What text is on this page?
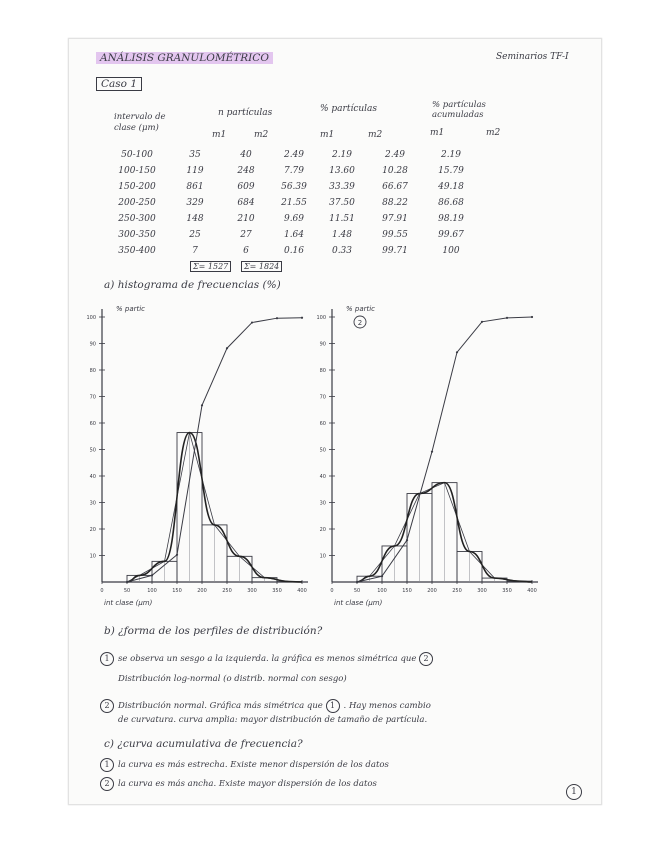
ANÁLISIS GRANULOMÉTRICO	Seminarios TF-I
Caso 1
intervalo de clase (μm)
n partículas	% partículas	% partículas acumuladas
m1	m2	m1	m2	m1	m2
50-100	35	40	2.49	2.19	2.49	2.19
100-150	119	248	7.79	13.60	10.28	15.79
150-200	861	609	56.39	33.39	66.67	49.18
200-250	329	684	21.55	37.50	88.22	86.68
250-300	148	210	9.69	11.51	97.91	98.19
300-350	25	27	1.64	1.48	99.55	99.67
350-400	7	6	0.16	0.33	99.71	100
Σ= 1527	Σ= 1824
a) histograma de frecuencias (%)
10
20
30
40
50
60
70
80
90
100
0	50	100	150	200	250	300	350	400
% partic
int clase (μm)
10
20
30
40
50
60
70
80
90
100
0	50	100	150	200	250	300	350	400
% partic
int clase (μm)
2
b) ¿forma de los perfiles de distribución?
1 se observa un sesgo a la izquierda. la gráfica es menos simétrica que 2
Distribución log-normal (o distrib. normal con sesgo)
2 Distribución normal. Gráfica más simétrica que 1 . Hay menos cambio
de curvatura. curva amplia: mayor distribución de tamaño de partícula.
c) ¿curva acumulativa de frecuencia?
1 la curva es más estrecha. Existe menor dispersión de los datos
2 la curva es más ancha. Existe mayor dispersión de los datos
1
